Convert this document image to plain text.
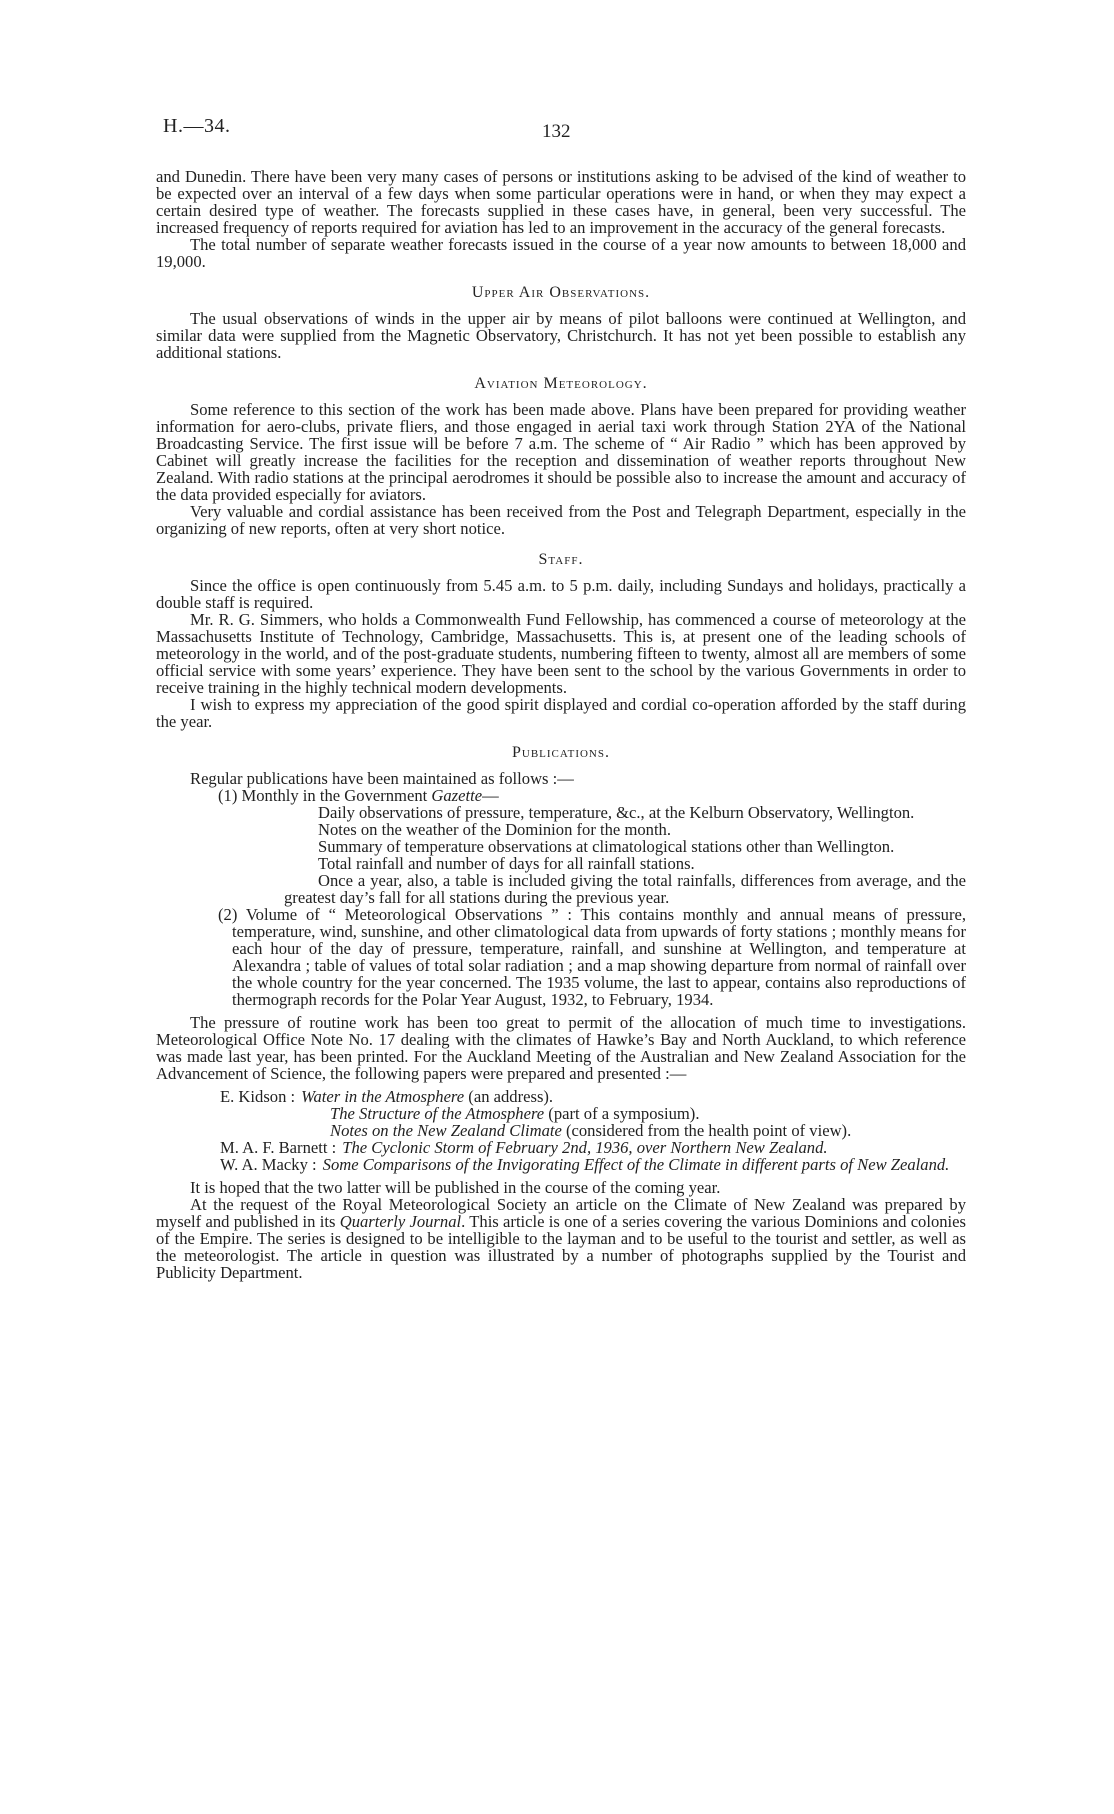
H.—34.	132

and Dunedin. There have been very many cases of persons or institutions asking to be advised of the kind of weather to be expected over an interval of a few days when some particular operations were in hand, or when they may expect a certain desired type of weather. The forecasts supplied in these cases have, in general, been very successful. The increased frequency of reports required for aviation has led to an improvement in the accuracy of the general forecasts.

The total number of separate weather forecasts issued in the course of a year now amounts to between 18,000 and 19,000.

Upper Air Observations.

The usual observations of winds in the upper air by means of pilot balloons were continued at Wellington, and similar data were supplied from the Magnetic Observatory, Christchurch. It has not yet been possible to establish any additional stations.

Aviation Meteorology.

Some reference to this section of the work has been made above. Plans have been prepared for providing weather information for aero-clubs, private fliers, and those engaged in aerial taxi work through Station 2YA of the National Broadcasting Service. The first issue will be before 7 a.m. The scheme of “ Air Radio ” which has been approved by Cabinet will greatly increase the facilities for the reception and dissemination of weather reports throughout New Zealand. With radio stations at the principal aerodromes it should be possible also to increase the amount and accuracy of the data provided especially for aviators.

Very valuable and cordial assistance has been received from the Post and Telegraph Department, especially in the organizing of new reports, often at very short notice.

Staff.

Since the office is open continuously from 5.45 a.m. to 5 p.m. daily, including Sundays and holidays, practically a double staff is required.

Mr. R. G. Simmers, who holds a Commonwealth Fund Fellowship, has commenced a course of meteorology at the Massachusetts Institute of Technology, Cambridge, Massachusetts. This is, at present one of the leading schools of meteorology in the world, and of the post-graduate students, numbering fifteen to twenty, almost all are members of some official service with some years’ experience. They have been sent to the school by the various Governments in order to receive training in the highly technical modern developments.

I wish to express my appreciation of the good spirit displayed and cordial co-operation afforded by the staff during the year.

Publications.

Regular publications have been maintained as follows :—

(1) Monthly in the Government Gazette—

Daily observations of pressure, temperature, &c., at the Kelburn Observatory, Wellington.

Notes on the weather of the Dominion for the month.

Summary of temperature observations at climatological stations other than Wellington.

Total rainfall and number of days for all rainfall stations.

Once a year, also, a table is included giving the total rainfalls, differences from average, and the greatest day’s fall for all stations during the previous year.

(2) Volume of “ Meteorological Observations ” : This contains monthly and annual means of pressure, temperature, wind, sunshine, and other climatological data from upwards of forty stations ; monthly means for each hour of the day of pressure, temperature, rainfall, and sunshine at Wellington, and temperature at Alexandra ; table of values of total solar radiation ; and a map showing departure from normal of rainfall over the whole country for the year concerned. The 1935 volume, the last to appear, contains also reproductions of thermograph records for the Polar Year August, 1932, to February, 1934.

The pressure of routine work has been too great to permit of the allocation of much time to investigations. Meteorological Office Note No. 17 dealing with the climates of Hawke’s Bay and North Auckland, to which reference was made last year, has been printed. For the Auckland Meeting of the Australian and New Zealand Association for the Advancement of Science, the following papers were prepared and presented :—

E. Kidson : Water in the Atmosphere (an address).
The Structure of the Atmosphere (part of a symposium).
Notes on the New Zealand Climate (considered from the health point of view).
M. A. F. Barnett : The Cyclonic Storm of February 2nd, 1936, over Northern New Zealand.
W. A. Macky : Some Comparisons of the Invigorating Effect of the Climate in different parts of New Zealand.

It is hoped that the two latter will be published in the course of the coming year.

At the request of the Royal Meteorological Society an article on the Climate of New Zealand was prepared by myself and published in its Quarterly Journal. This article is one of a series covering the various Dominions and colonies of the Empire. The series is designed to be intelligible to the layman and to be useful to the tourist and settler, as well as the meteorologist. The article in question was illustrated by a number of photographs supplied by the Tourist and Publicity Department.
